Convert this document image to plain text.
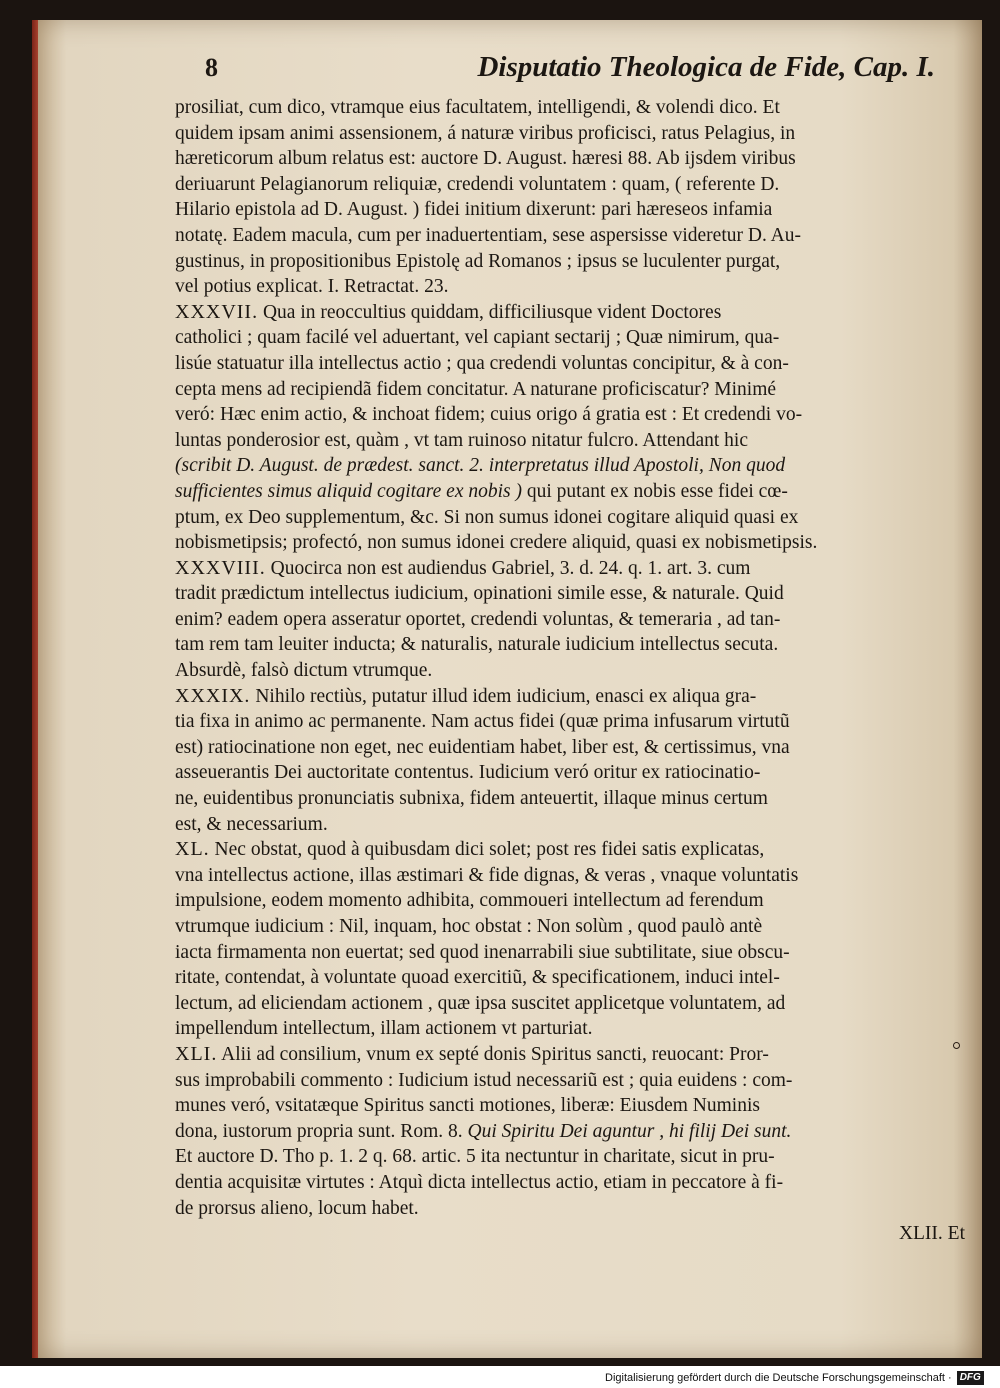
8	Disputatio Theologica de Fide, Cap. I.
prosiliat, cum dico, vtramque eius facultatem, intelligendi, & volendi dico. Et
quidem ipsam animi assensionem, á naturæ viribus proficisci, ratus Pelagius, in
hæreticorum album relatus est: auctore D. August. hæresi 88. Ab ijsdem viribus
deriuarunt Pelagianorum reliquiæ, credendi voluntatem : quam, ( referente D.
Hilario epistola ad D. August. ) fidei initium dixerunt: pari hæreseos infamia
notatę. Eadem macula, cum per inaduertentiam, sese aspersisse videretur D. Au-
gustinus, in propositionibus Epistolę ad Romanos ; ipsus se luculenter purgat,
vel potius explicat. I. Retractat. 23.
XXXVII. Qua in reoccultius quiddam, difficiliusque vident Doctores
catholici ; quam facilé vel aduertant, vel capiant sectarij ; Quæ nimirum, qua-
lisúe statuatur illa intellectus actio ; qua credendi voluntas concipitur, & à con-
cepta mens ad recipiendã fidem concitatur. A naturane proficiscatur? Minimé
veró: Hæc enim actio, & inchoat fidem; cuius origo á gratia est : Et credendi vo-
luntas ponderosior est, quàm , vt tam ruinoso nitatur fulcro. Attendant hic
(scribit D. August. de prædest. sanct. 2. interpretatus illud Apostoli, Non quod
sufficientes simus aliquid cogitare ex nobis ) qui putant ex nobis esse fidei cœ-
ptum, ex Deo supplementum, &c. Si non sumus idonei cogitare aliquid quasi ex
nobismetipsis; profectó, non sumus idonei credere aliquid, quasi ex nobismetipsis.
XXXVIII. Quocirca non est audiendus Gabriel, 3. d. 24. q. 1. art. 3. cum
tradit prædictum intellectus iudicium, opinationi simile esse, & naturale. Quid
enim? eadem opera asseratur oportet, credendi voluntas, & temeraria , ad tan-
tam rem tam leuiter inducta; & naturalis, naturale iudicium intellectus secuta.
Absurdè, falsò dictum vtrumque.
XXXIX. Nihilo rectiùs, putatur illud idem iudicium, enasci ex aliqua gra-
tia fixa in animo ac permanente. Nam actus fidei (quæ prima infusarum virtutũ
est) ratiocinatione non eget, nec euidentiam habet, liber est, & certissimus, vna
asseuerantis Dei auctoritate contentus. Iudicium veró oritur ex ratiocinatio-
ne, euidentibus pronunciatis subnixa, fidem anteuertit, illaque minus certum
est, & necessarium.
XL. Nec obstat, quod à quibusdam dici solet; post res fidei satis explicatas,
vna intellectus actione, illas æstimari & fide dignas, & veras , vnaque voluntatis
impulsione, eodem momento adhibita, commoueri intellectum ad ferendum
vtrumque iudicium : Nil, inquam, hoc obstat : Non solùm , quod paulò antè
iacta firmamenta non euertat; sed quod inenarrabili siue subtilitate, siue obscu-
ritate, contendat, à voluntate quoad exercitiũ, & specificationem, induci intel-
lectum, ad eliciendam actionem , quæ ipsa suscitet applicetque voluntatem, ad
impellendum intellectum, illam actionem vt parturiat.
XLI. Alii ad consilium, vnum ex septé donis Spiritus sancti, reuocant: Pror-
sus improbabili commento : Iudicium istud necessariũ est ; quia euidens : com-
munes veró, vsitatæque Spiritus sancti motiones, liberæ: Eiusdem Numinis
dona, iustorum propria sunt. Rom. 8. Qui Spiritu Dei aguntur , hi filij Dei sunt.
Et auctore D. Tho p. 1. 2 q. 68. artic. 5 ita nectuntur in charitate, sicut in pru-
dentia acquisitæ virtutes : Atquì dicta intellectus actio, etiam in peccatore à fi-
de prorsus alieno, locum habet.
XLII. Et
Digitalisierung gefördert durch die Deutsche Forschungsgemeinschaft · DFG
